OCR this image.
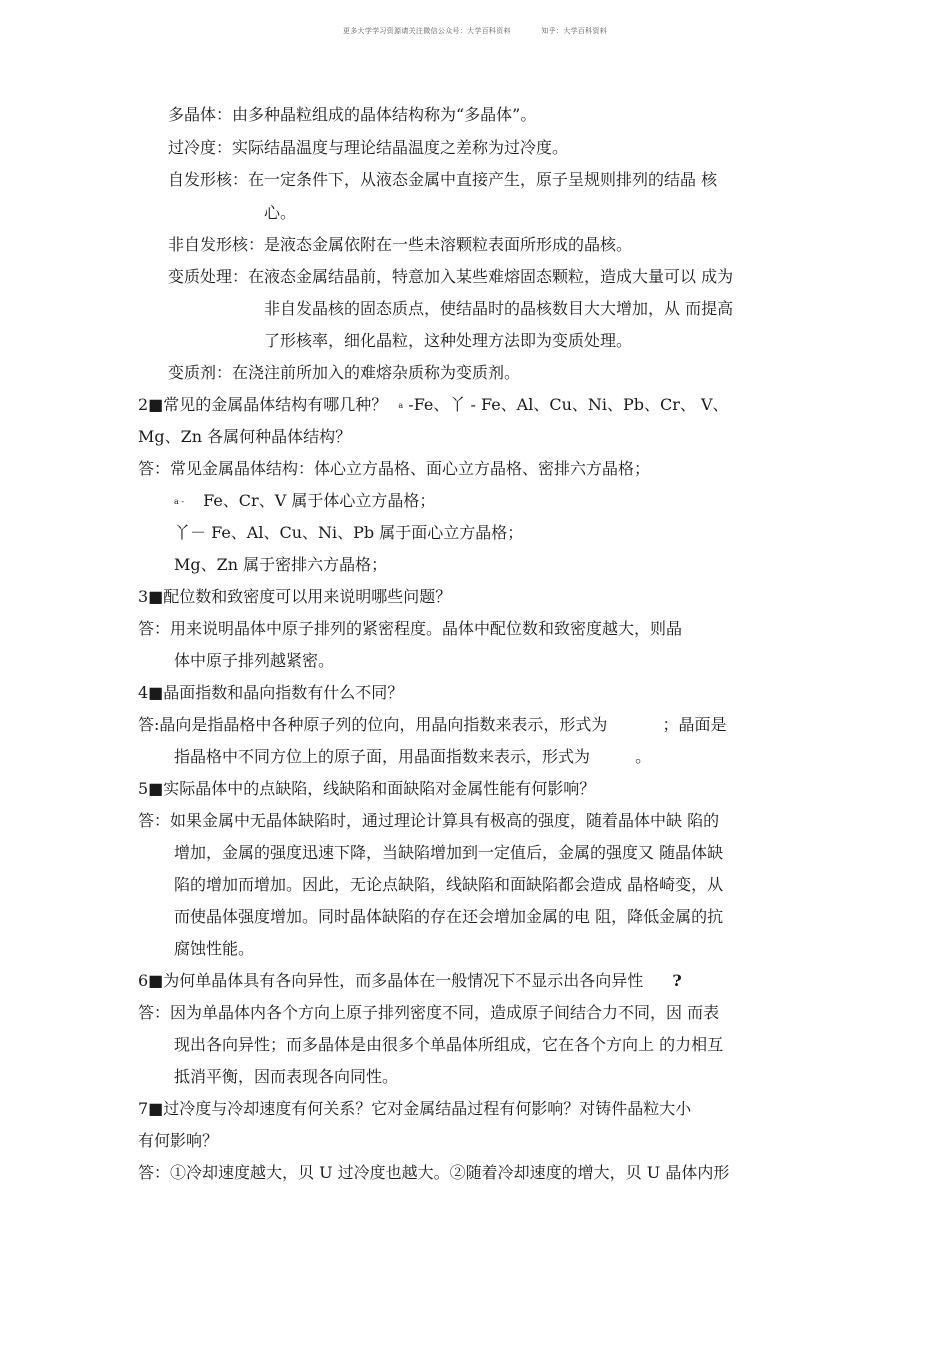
更多大学学习资源请关注微信公众号：大学百科资料	知乎：大学百科资料
多晶体：由多种晶粒组成的晶体结构称为“多晶体”。
过冷度：实际结晶温度与理论结晶温度之差称为过冷度。
自发形核：在一定条件下，从液态金属中直接产生，原子呈规则排列的结晶 核
心。
非自发形核：是液态金属依附在一些未溶颗粒表面所形成的晶核。
变质处理：在液态金属结晶前，特意加入某些难熔固态颗粒，造成大量可以 成为
非自发晶核的固态质点，使结晶时的晶核数目大大增加，从 而提高
了形核率，细化晶粒，这种处理方法即为变质处理。
变质剂：在浇注前所加入的难熔杂质称为变质剂。
2■常见的金属晶体结构有哪几种？ a -Fe、丫 - Fe、Al、Cu、Ni、Pb、Cr、 V、
Mg、Zn 各属何种晶体结构？
答：常见金属晶体结构：体心立方晶格、面心立方晶格、密排六方晶格；
a - Fe、Cr、V 属于体心立方晶格；
丫－ Fe、Al、Cu、Ni、Pb 属于面心立方晶格；
Mg、Zn 属于密排六方晶格；
3■配位数和致密度可以用来说明哪些问题？
答：用来说明晶体中原子排列的紧密程度。晶体中配位数和致密度越大，则晶
体中原子排列越紧密。
4■晶面指数和晶向指数有什么不同？
答:晶向是指晶格中各种原子列的位向，用晶向指数来表示，形式为	；晶面是
指晶格中不同方位上的原子面，用晶面指数来表示，形式为	。
5■实际晶体中的点缺陷，线缺陷和面缺陷对金属性能有何影响？
答：如果金属中无晶体缺陷时，通过理论计算具有极高的强度，随着晶体中缺 陷的
增加，金属的强度迅速下降，当缺陷增加到一定值后，金属的强度又 随晶体缺
陷的增加而增加。因此，无论点缺陷，线缺陷和面缺陷都会造成 晶格崎变，从
而使晶体强度增加。同时晶体缺陷的存在还会增加金属的电 阻，降低金属的抗
腐蚀性能。
6■为何单晶体具有各向异性，而多晶体在一般情况下不显示出各向异性 ?
答：因为单晶体内各个方向上原子排列密度不同，造成原子间结合力不同，因 而表
现出各向异性；而多晶体是由很多个单晶体所组成，它在各个方向上 的力相互
抵消平衡，因而表现各向同性。
7■过冷度与冷却速度有何关系？它对金属结晶过程有何影响？对铸件晶粒大小
有何影响？
答：①冷却速度越大，贝 U 过冷度也越大。②随着冷却速度的增大，贝 U 晶体内形
